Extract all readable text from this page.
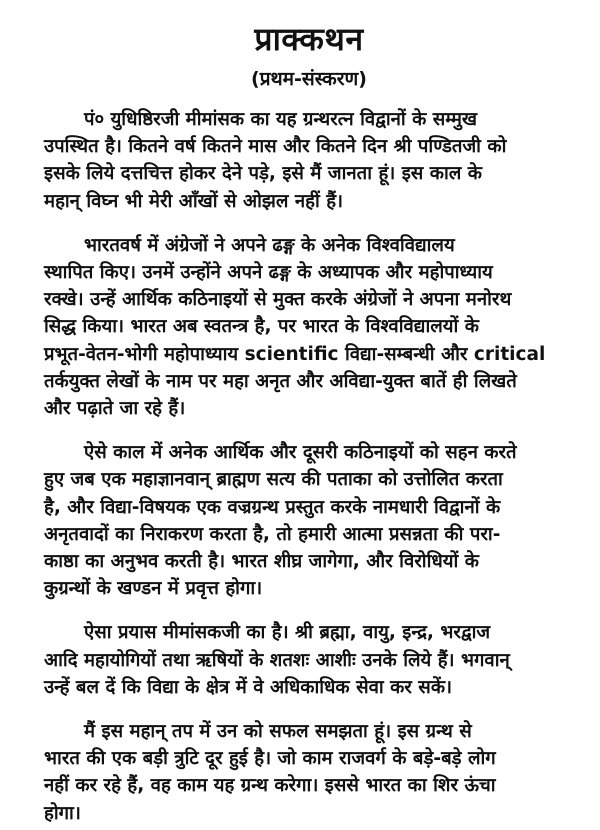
प्राक्कथन
(प्रथम-संस्करण)
पं० युधिष्ठिरजी मीमांसक का यह ग्रन्थरत्न विद्वानों के सम्मुख
उपस्थित है। कितने वर्ष कितने मास और कितने दिन श्री पण्डितजी को
इसके लिये दत्तचित्त होकर देने पड़े, इसे मैं जानता हूं। इस काल के
महान् विघ्न भी मेरी आँखों से ओझल नहीं हैं।
भारतवर्ष में अंग्रेजों ने अपने ढङ्ग के अनेक विश्वविद्यालय
स्थापित किए। उनमें उन्होंने अपने ढङ्ग के अध्यापक और महोपाध्याय
रक्खे। उन्हें आर्थिक कठिनाइयों से मुक्त करके अंग्रेजों ने अपना मनोरथ
सिद्ध किया। भारत अब स्वतन्त्र है, पर भारत के विश्वविद्यालयों के
प्रभूत-वेतन-भोगी महोपाध्याय scientific विद्या-सम्बन्धी और critical
तर्कयुक्त लेखों के नाम पर महा अनृत और अविद्या-युक्त बातें ही लिखते
और पढ़ाते जा रहे हैं।
ऐसे काल में अनेक आर्थिक और दूसरी कठिनाइयों को सहन करते
हुए जब एक महाज्ञानवान् ब्राह्मण सत्य की पताका को उत्तोलित करता
है, और विद्या-विषयक एक वज्रग्रन्थ प्रस्तुत करके नामधारी विद्वानों के
अनृतवादों का निराकरण करता है, तो हमारी आत्मा प्रसन्नता की परा-
काष्ठा का अनुभव करती है। भारत शीघ्र जागेगा, और विरोधियों के
कुग्रन्थों के खण्डन में प्रवृत्त होगा।
ऐसा प्रयास मीमांसकजी का है। श्री ब्रह्मा, वायु, इन्द्र, भरद्वाज
आदि महायोगियों तथा ऋषियों के शतशः आशीः उनके लिये हैं। भगवान्
उन्हें बल दें कि विद्या के क्षेत्र में वे अधिकाधिक सेवा कर सकें।
मैं इस महान् तप में उन को सफल समझता हूं। इस ग्रन्थ से
भारत की एक बड़ी त्रुटि दूर हुई है। जो काम राजवर्ग के बड़े-बड़े लोग
नहीं कर रहे हैं, वह काम यह ग्रन्थ करेगा। इससे भारत का शिर ऊंचा
होगा।
